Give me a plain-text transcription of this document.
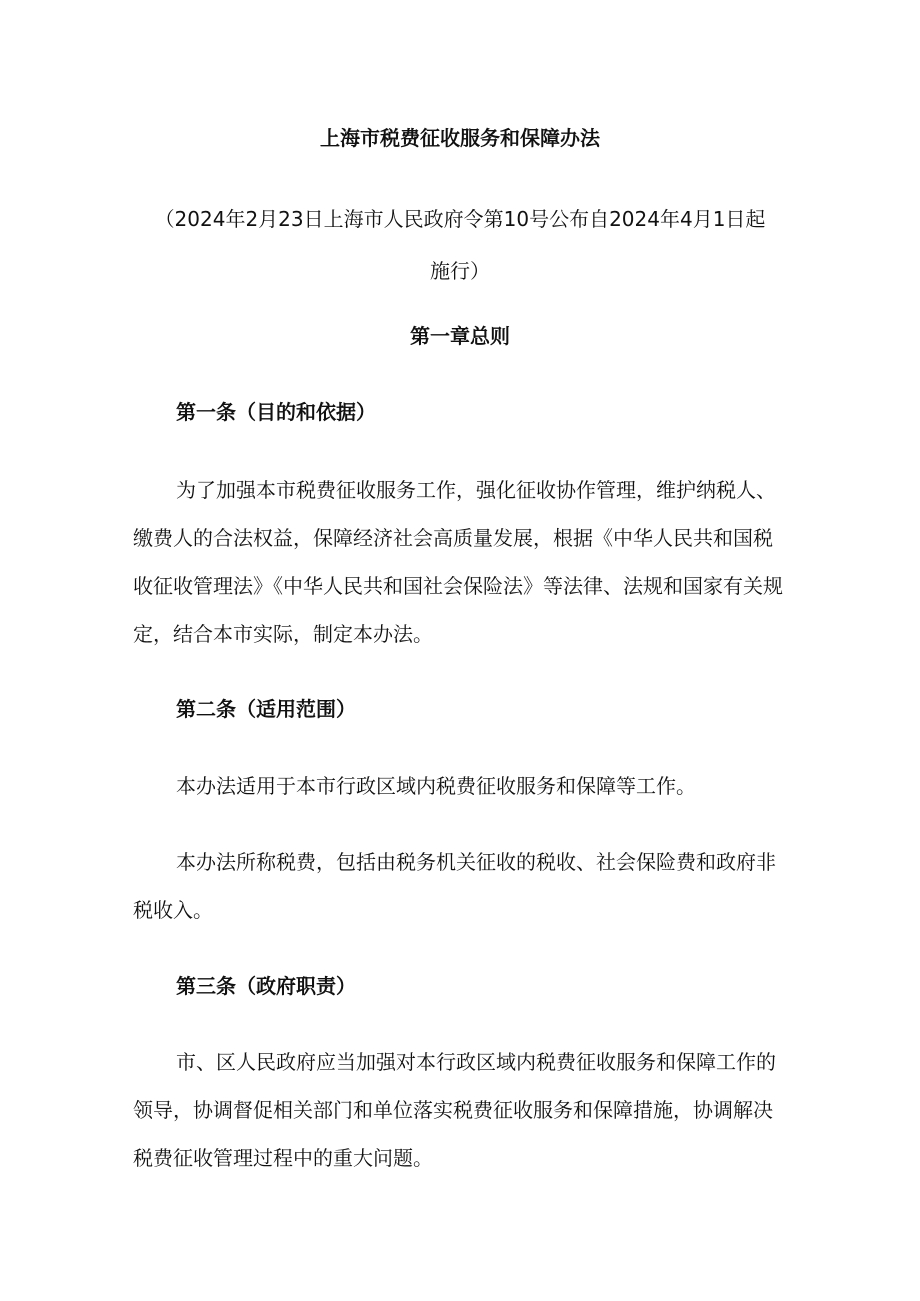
上海市税费征收服务和保障办法

（2024年2月23日上海市人民政府令第10号公布自2024年4月1日起施行）

第一章总则
第一条（目的和依据）

为了加强本市税费征收服务工作，强化征收协作管理，维护纳税人、缴费人的合法权益，保障经济社会高质量发展，根据《中华人民共和国税收征收管理法》《中华人民共和国社会保险法》等法律、法规和国家有关规定，结合本市实际，制定本办法。

第二条（适用范围）

本办法适用于本市行政区域内税费征收服务和保障等工作。

本办法所称税费，包括由税务机关征收的税收、社会保险费和政府非税收入。

第三条（政府职责）

市、区人民政府应当加强对本行政区域内税费征收服务和保障工作的领导，协调督促相关部门和单位落实税费征收服务和保障措施，协调解决税费征收管理过程中的重大问题。
